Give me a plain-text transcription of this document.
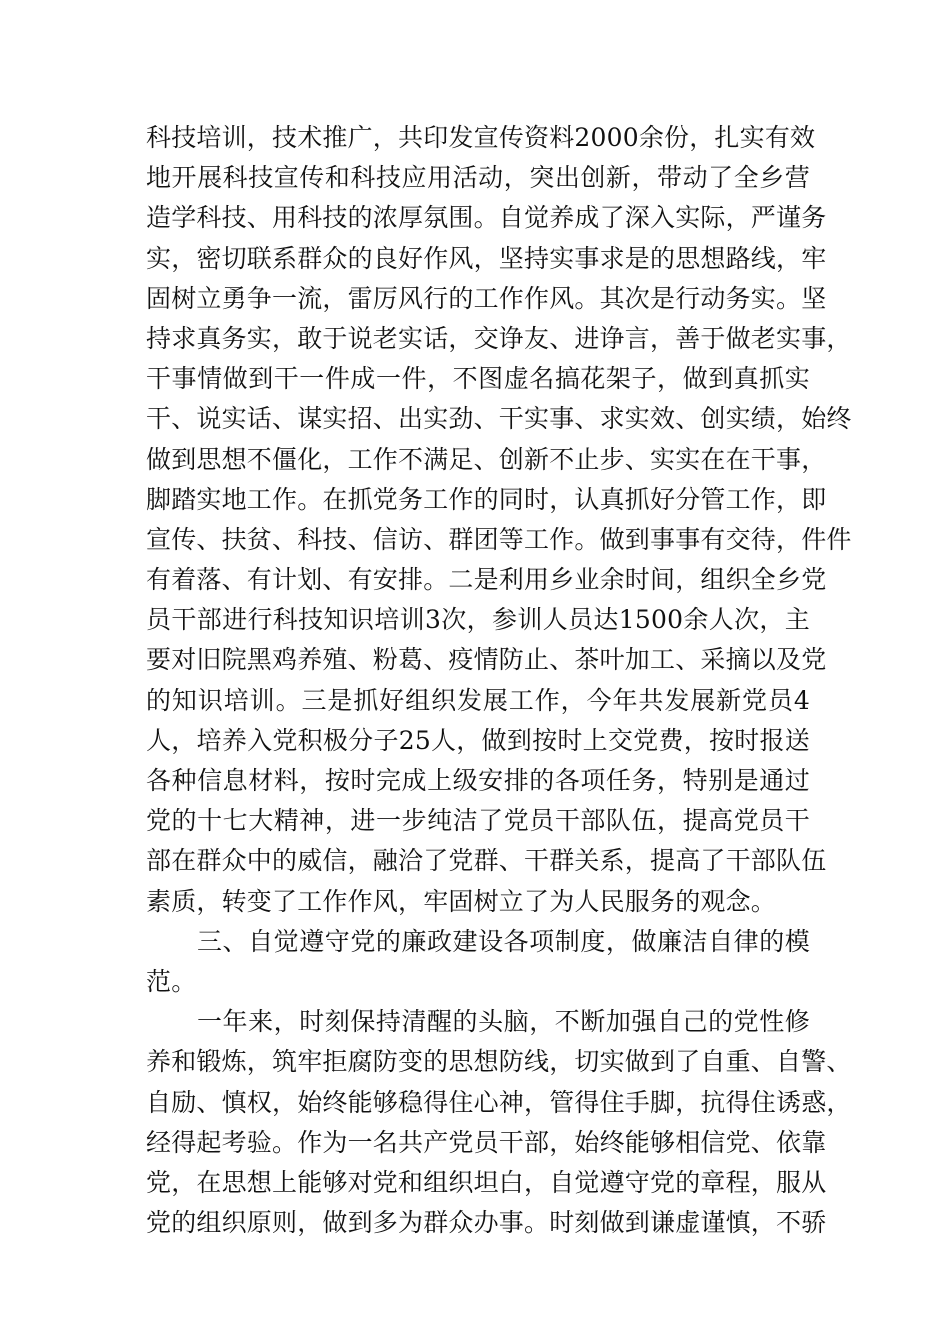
科技培训，技术推广，共印发宣传资料2000余份，扎实有效
地开展科技宣传和科技应用活动，突出创新，带动了全乡营
造学科技、用科技的浓厚氛围。自觉养成了深入实际，严谨务
实，密切联系群众的良好作风，坚持实事求是的思想路线，牢
固树立勇争一流，雷厉风行的工作作风。其次是行动务实。坚
持求真务实，敢于说老实话，交诤友、进诤言，善于做老实事，
干事情做到干一件成一件，不图虚名搞花架子，做到真抓实
干、说实话、谋实招、出实劲、干实事、求实效、创实绩，始终
做到思想不僵化，工作不满足、创新不止步、实实在在干事，
脚踏实地工作。在抓党务工作的同时，认真抓好分管工作，即
宣传、扶贫、科技、信访、群团等工作。做到事事有交待，件件
有着落、有计划、有安排。二是利用乡业余时间，组织全乡党
员干部进行科技知识培训3次，参训人员达1500余人次，主
要对旧院黑鸡养殖、粉葛、疫情防止、茶叶加工、采摘以及党
的知识培训。三是抓好组织发展工作，今年共发展新党员4
人，培养入党积极分子25人，做到按时上交党费，按时报送
各种信息材料，按时完成上级安排的各项任务，特别是通过
党的十七大精神，进一步纯洁了党员干部队伍，提高党员干
部在群众中的威信，融洽了党群、干群关系，提高了干部队伍
素质，转变了工作作风，牢固树立了为人民服务的观念。
三、自觉遵守党的廉政建设各项制度，做廉洁自律的模
范。
一年来，时刻保持清醒的头脑，不断加强自己的党性修
养和锻炼，筑牢拒腐防变的思想防线，切实做到了自重、自警、
自励、慎权，始终能够稳得住心神，管得住手脚，抗得住诱惑，
经得起考验。作为一名共产党员干部，始终能够相信党、依靠
党，在思想上能够对党和组织坦白，自觉遵守党的章程，服从
党的组织原则，做到多为群众办事。时刻做到谦虚谨慎，不骄
